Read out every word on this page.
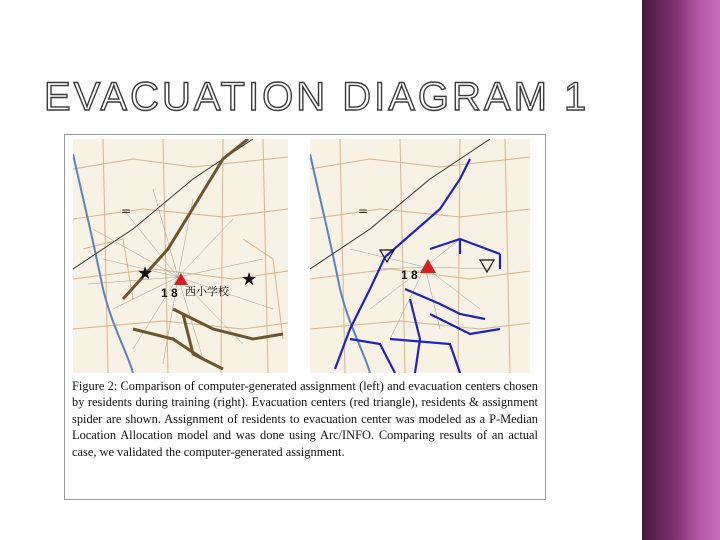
EVACUATION DIAGRAM 1
=
★	★
1 8 西小学校
=
1 8
Figure 2: Comparison of computer-generated assignment (left) and evacuation centers chosen by residents during training (right). Evacuation centers (red triangle), residents & assignment spider are shown. Assignment of residents to evacuation center was modeled as a P-Median Location Allocation model and was done using Arc/INFO. Comparing results of an actual case, we validated the computer-generated assignment.
